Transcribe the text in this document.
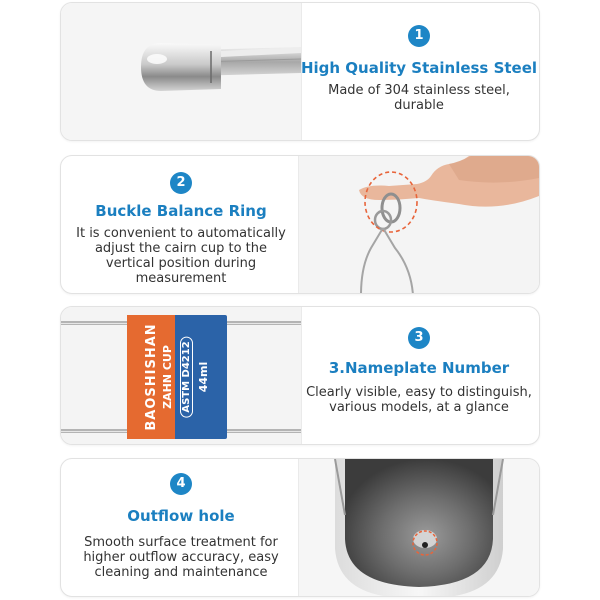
1
High Quality Stainless Steel
Made of 304 stainless steel,
durable
2
Buckle Balance Ring
It is convenient to automatically
adjust the cairn cup to the
vertical position during
measurement
BAOSHISHAN ZAHN CUP ASTM D4212 44ml
3
3.Nameplate Number
Clearly visible, easy to distinguish,
various models, at a glance
4
Outflow hole
Smooth surface treatment for
higher outflow accuracy, easy
cleaning and maintenance
